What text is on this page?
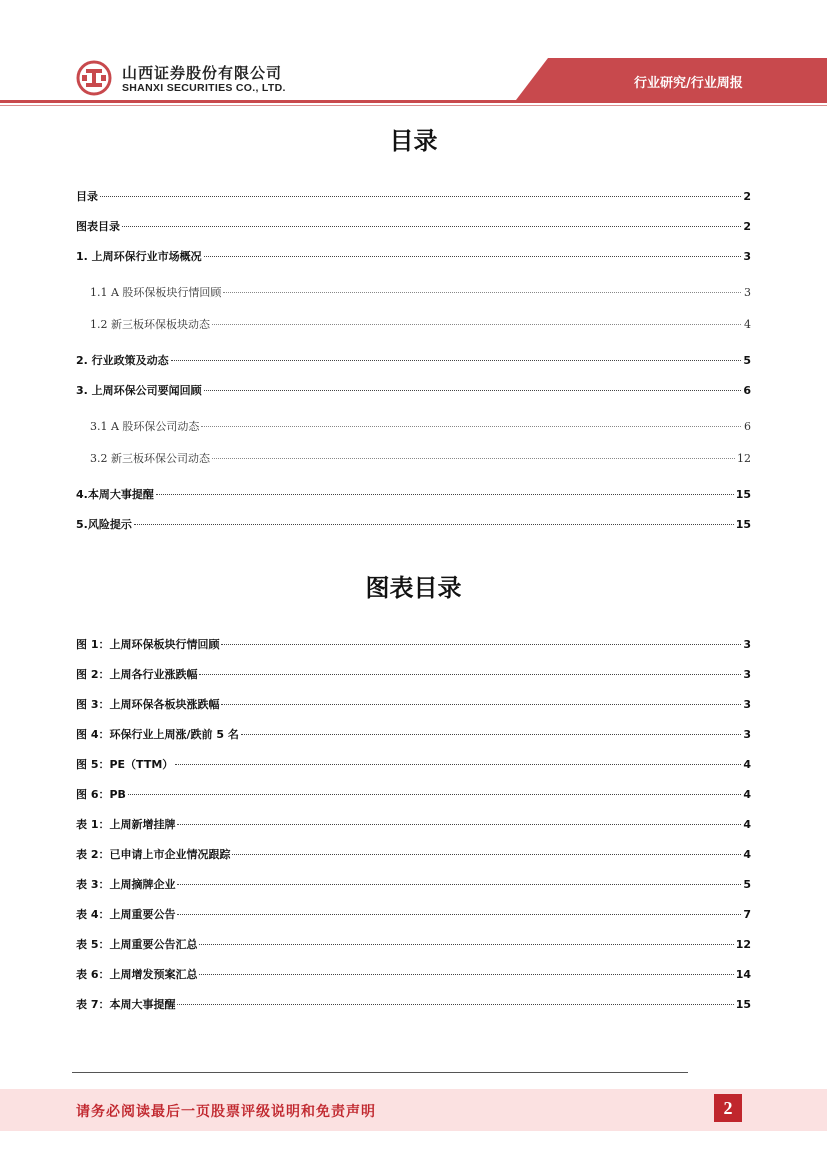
山西证券股份有限公司
SHANXI SECURITIES CO., LTD.	行业研究/行业周报
目录
目录	2
图表目录	2
1. 上周环保行业市场概况	3
1.1 A 股环保板块行情回顾	3
1.2 新三板环保板块动态	4
2. 行业政策及动态	5
3. 上周环保公司要闻回顾	6
3.1 A 股环保公司动态	6
3.2 新三板环保公司动态	12
4.本周大事提醒	15
5.风险提示	15
图表目录
图 1：上周环保板块行情回顾	3
图 2：上周各行业涨跌幅	3
图 3：上周环保各板块涨跌幅	3
图 4：环保行业上周涨/跌前 5 名	3
图 5：PE（TTM）	4
图 6：PB	4
表 1：上周新增挂牌	4
表 2：已申请上市企业情况跟踪	4
表 3：上周摘牌企业	5
表 4：上周重要公告	7
表 5：上周重要公告汇总	12
表 6：上周增发预案汇总	14
表 7：本周大事提醒	15
请务必阅读最后一页股票评级说明和免责声明	2
